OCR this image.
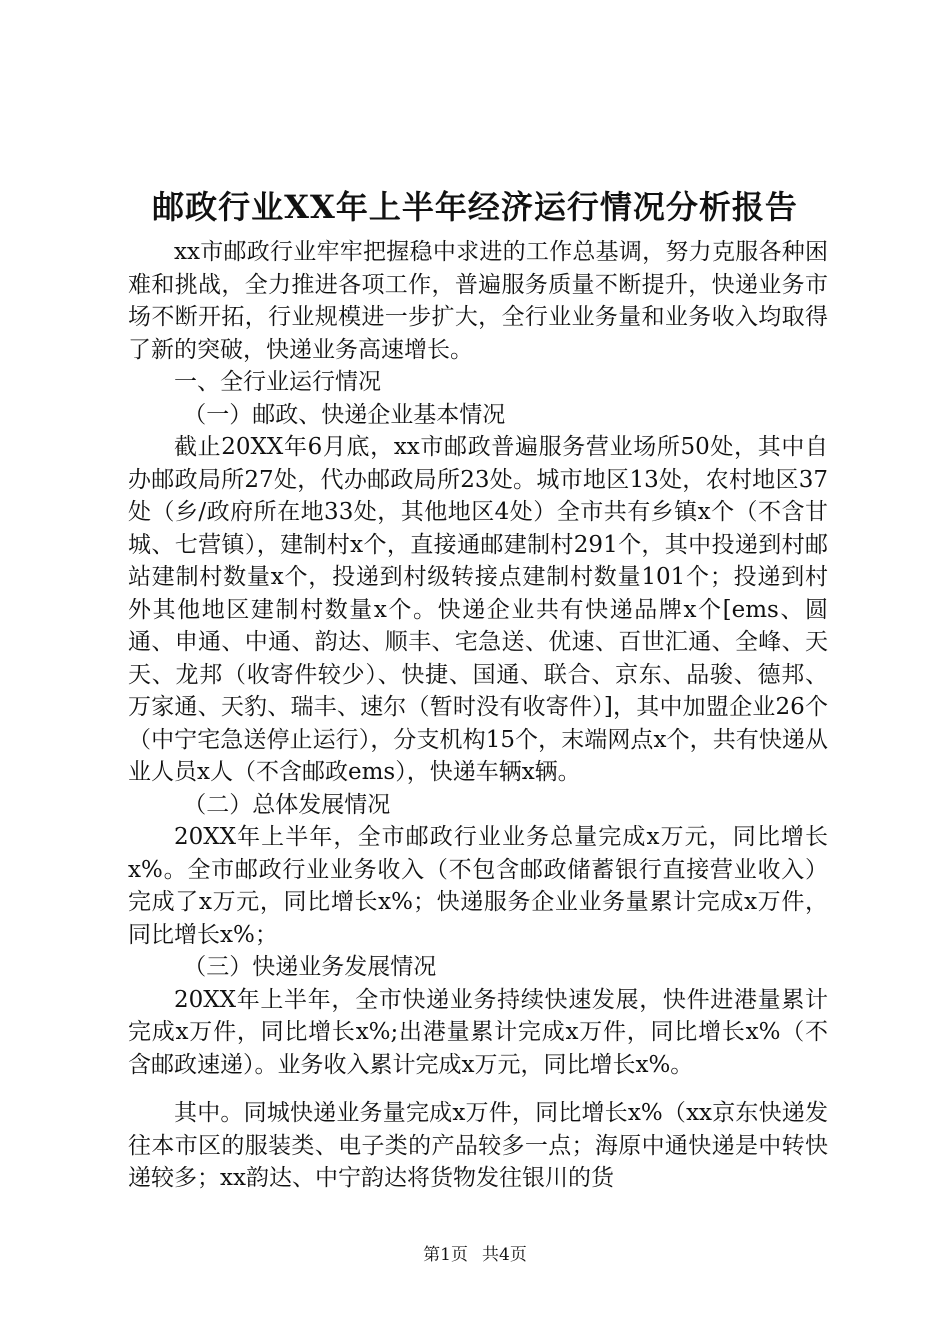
邮政行业XX年上半年经济运行情况分析报告

xx市邮政行业牢牢把握稳中求进的工作总基调，努力克服各种困难和挑战，全力推进各项工作，普遍服务质量不断提升，快递业务市场不断开拓，行业规模进一步扩大，全行业业务量和业务收入均取得了新的突破，快递业务高速增长。

一、全行业运行情况

（一）邮政、快递企业基本情况

截止20XX年6月底，xx市邮政普遍服务营业场所50处，其中自办邮政局所27处，代办邮政局所23处。城市地区13处，农村地区37处（乡/政府所在地33处，其他地区4处）全市共有乡镇x个（不含甘城、七营镇），建制村x个，直接通邮建制村291个，其中投递到村邮站建制村数量x个，投递到村级转接点建制村数量101个；投递到村外其他地区建制村数量x个。快递企业共有快递品牌x个[ems、圆通、申通、中通、韵达、顺丰、宅急送、优速、百世汇通、全峰、天天、龙邦（收寄件较少）、快捷、国通、联合、京东、品骏、德邦、万家通、天豹、瑞丰、速尔（暂时没有收寄件）]，其中加盟企业26个（中宁宅急送停止运行），分支机构15个，末端网点x个，共有快递从业人员x人（不含邮政ems），快递车辆x辆。

（二）总体发展情况

20XX年上半年，全市邮政行业业务总量完成x万元，同比增长x%。全市邮政行业业务收入（不包含邮政储蓄银行直接营业收入）完成了x万元，同比增长x%；快递服务企业业务量累计完成x万件，同比增长x%；

（三）快递业务发展情况

20XX年上半年，全市快递业务持续快速发展，快件进港量累计完成x万件，同比增长x%;出港量累计完成x万件，同比增长x%（不含邮政速递）。业务收入累计完成x万元，同比增长x%。

其中。同城快递业务量完成x万件，同比增长x%（xx京东快递发往本市区的服装类、电子类的产品较多一点；海原中通快递是中转快递较多；xx韵达、中宁韵达将货物发往银川的货

第1页 共4页
